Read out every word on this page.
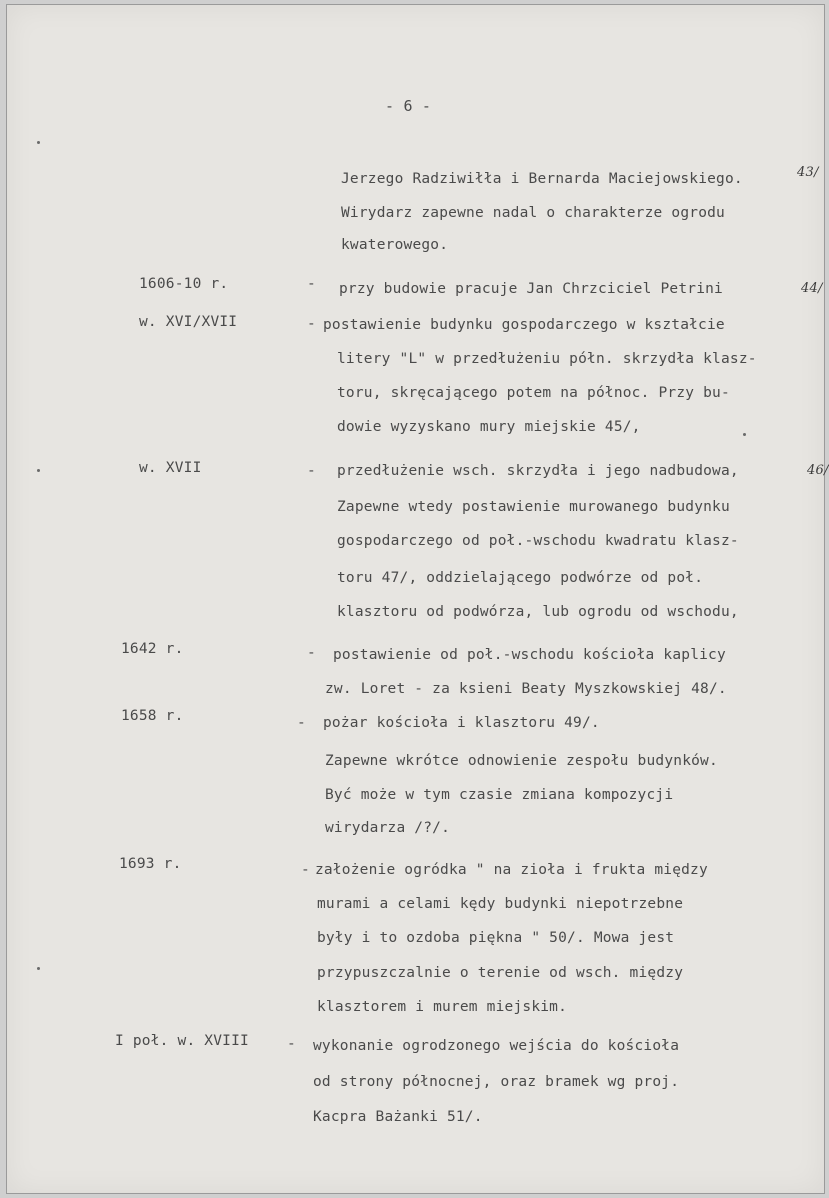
- 6 -
Jerzego Radziwiłła i Bernarda Maciejowskiego.
Wirydarz zapewne nadal o charakterze ogrodu
kwaterowego.
43/
1606-10 r.	- przy budowie pracuje Jan Chrzciciel Petrini	44/
w. XVI/XVII	- postawienie budynku gospodarczego w kształcie
litery "L" w przedłużeniu półn. skrzydła klasz-
toru, skręcającego potem na północ. Przy bu-
dowie wyzyskano mury miejskie 45/,
w. XVII	- przedłużenie wsch. skrzydła i jego nadbudowa,	46/
Zapewne wtedy postawienie murowanego budynku
gospodarczego od poł.-wschodu kwadratu klasz-
toru 47/, oddzielającego podwórze od poł.
klasztoru od podwórza, lub ogrodu od wschodu,
1642 r.	- postawienie od poł.-wschodu kościoła kaplicy
zw. Loret - za ksieni Beaty Myszkowskiej 48/.
1658 r.	- pożar kościoła i klasztoru 49/.
Zapewne wkrótce odnowienie zespołu budynków.
Być może w tym czasie zmiana kompozycji
wirydarza /?/.
1693 r.	- założenie ogródka " na zioła i frukta między
murami a celami kędy budynki niepotrzebne
były i to ozdoba piękna " 50/. Mowa jest
przypuszczalnie o terenie od wsch. między
klasztorem i murem miejskim.
I poł. w. XVIII	- wykonanie ogrodzonego wejścia do kościoła
od strony północnej, oraz bramek wg proj.
Kacpra Bażanki 51/.
